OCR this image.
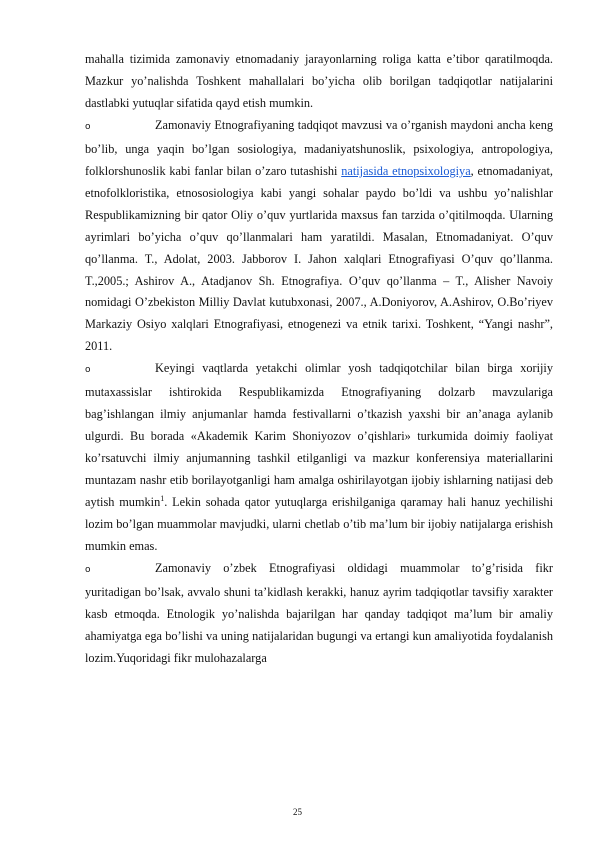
mahalla tizimida zamonaviy etnomadaniy jarayonlarning roliga katta e’tibor qaratilmoqda. Mazkur yo’nalishda Toshkent mahallalari bo’yicha olib borilgan tadqiqotlar natijalarini dastlabki yutuqlar sifatida qayd etish mumkin.

o	Zamonaviy Etnografiyaning tadqiqot mavzusi va o’rganish maydoni ancha keng bo’lib, unga yaqin bo’lgan sosiologiya, madaniyatshunoslik, psixologiya, antropologiya, folklorshunoslik kabi fanlar bilan o’zaro tutashishi natijasida etnopsixologiya, etnomadaniyat, etnofolkloristika, etnososiologiya kabi yangi sohalar paydo bo’ldi va ushbu yo’nalishlar Respublikamizning bir qator Oliy o’quv yurtlarida maxsus fan tarzida o’qitilmoqda. Ularning ayrimlari bo’yicha o’quv qo’llanmalari ham yaratildi. Masalan, Etnomadaniyat. O’quv qo’llanma. T., Adolat, 2003. Jabborov I. Jahon xalqlari Etnografiyasi O’quv qo’llanma. T.,2005.; Ashirov A., Atadjanov Sh. Etnografiya. O’quv qo’llanma – T., Alisher Navoiy nomidagi O’zbekiston Milliy Davlat kutubxonasi, 2007., A.Doniyorov, A.Ashirov, O.Bo’riyev Markaziy Osiyo xalqlari Etnografiyasi, etnogenezi va etnik tarixi. Toshkent, “Yangi nashr”, 2011.

o	Keyingi vaqtlarda yetakchi olimlar yosh tadqiqotchilar bilan birga xorijiy mutaxassislar ishtirokida Respublikamizda Etnografiyaning dolzarb mavzulariga bag’ishlangan ilmiy anjumanlar hamda festivallarni o’tkazish yaxshi bir an’anaga aylanib ulgurdi. Bu borada «Akademik Karim Shoniyozov o’qishlari» turkumida doimiy faoliyat ko’rsatuvchi ilmiy anjumanning tashkil etilganligi va mazkur konferensiya materiallarini muntazam nashr etib borilayotganligi ham amalga oshirilayotgan ijobiy ishlarning natijasi deb aytish mumkin$^1$. Lekin sohada qator yutuqlarga erishilganiga qaramay hali hanuz yechilishi lozim bo’lgan muammolar mavjudki, ularni chetlab o’tib ma’lum bir ijobiy natijalarga erishish mumkin emas.

o	Zamonaviy o’zbek Etnografiyasi oldidagi muammolar to’g’risida fikr yuritadigan bo’lsak, avvalo shuni ta’kidlash kerakki, hanuz ayrim tadqiqotlar tavsifiy xarakter kasb etmoqda. Etnologik yo’nalishda bajarilgan har qanday tadqiqot ma’lum bir amaliy ahamiyatga ega bo’lishi va uning natijalaridan bugungi va ertangi kun amaliyotida foydalanish lozim.Yuqoridagi fikr mulohazalarga

25
